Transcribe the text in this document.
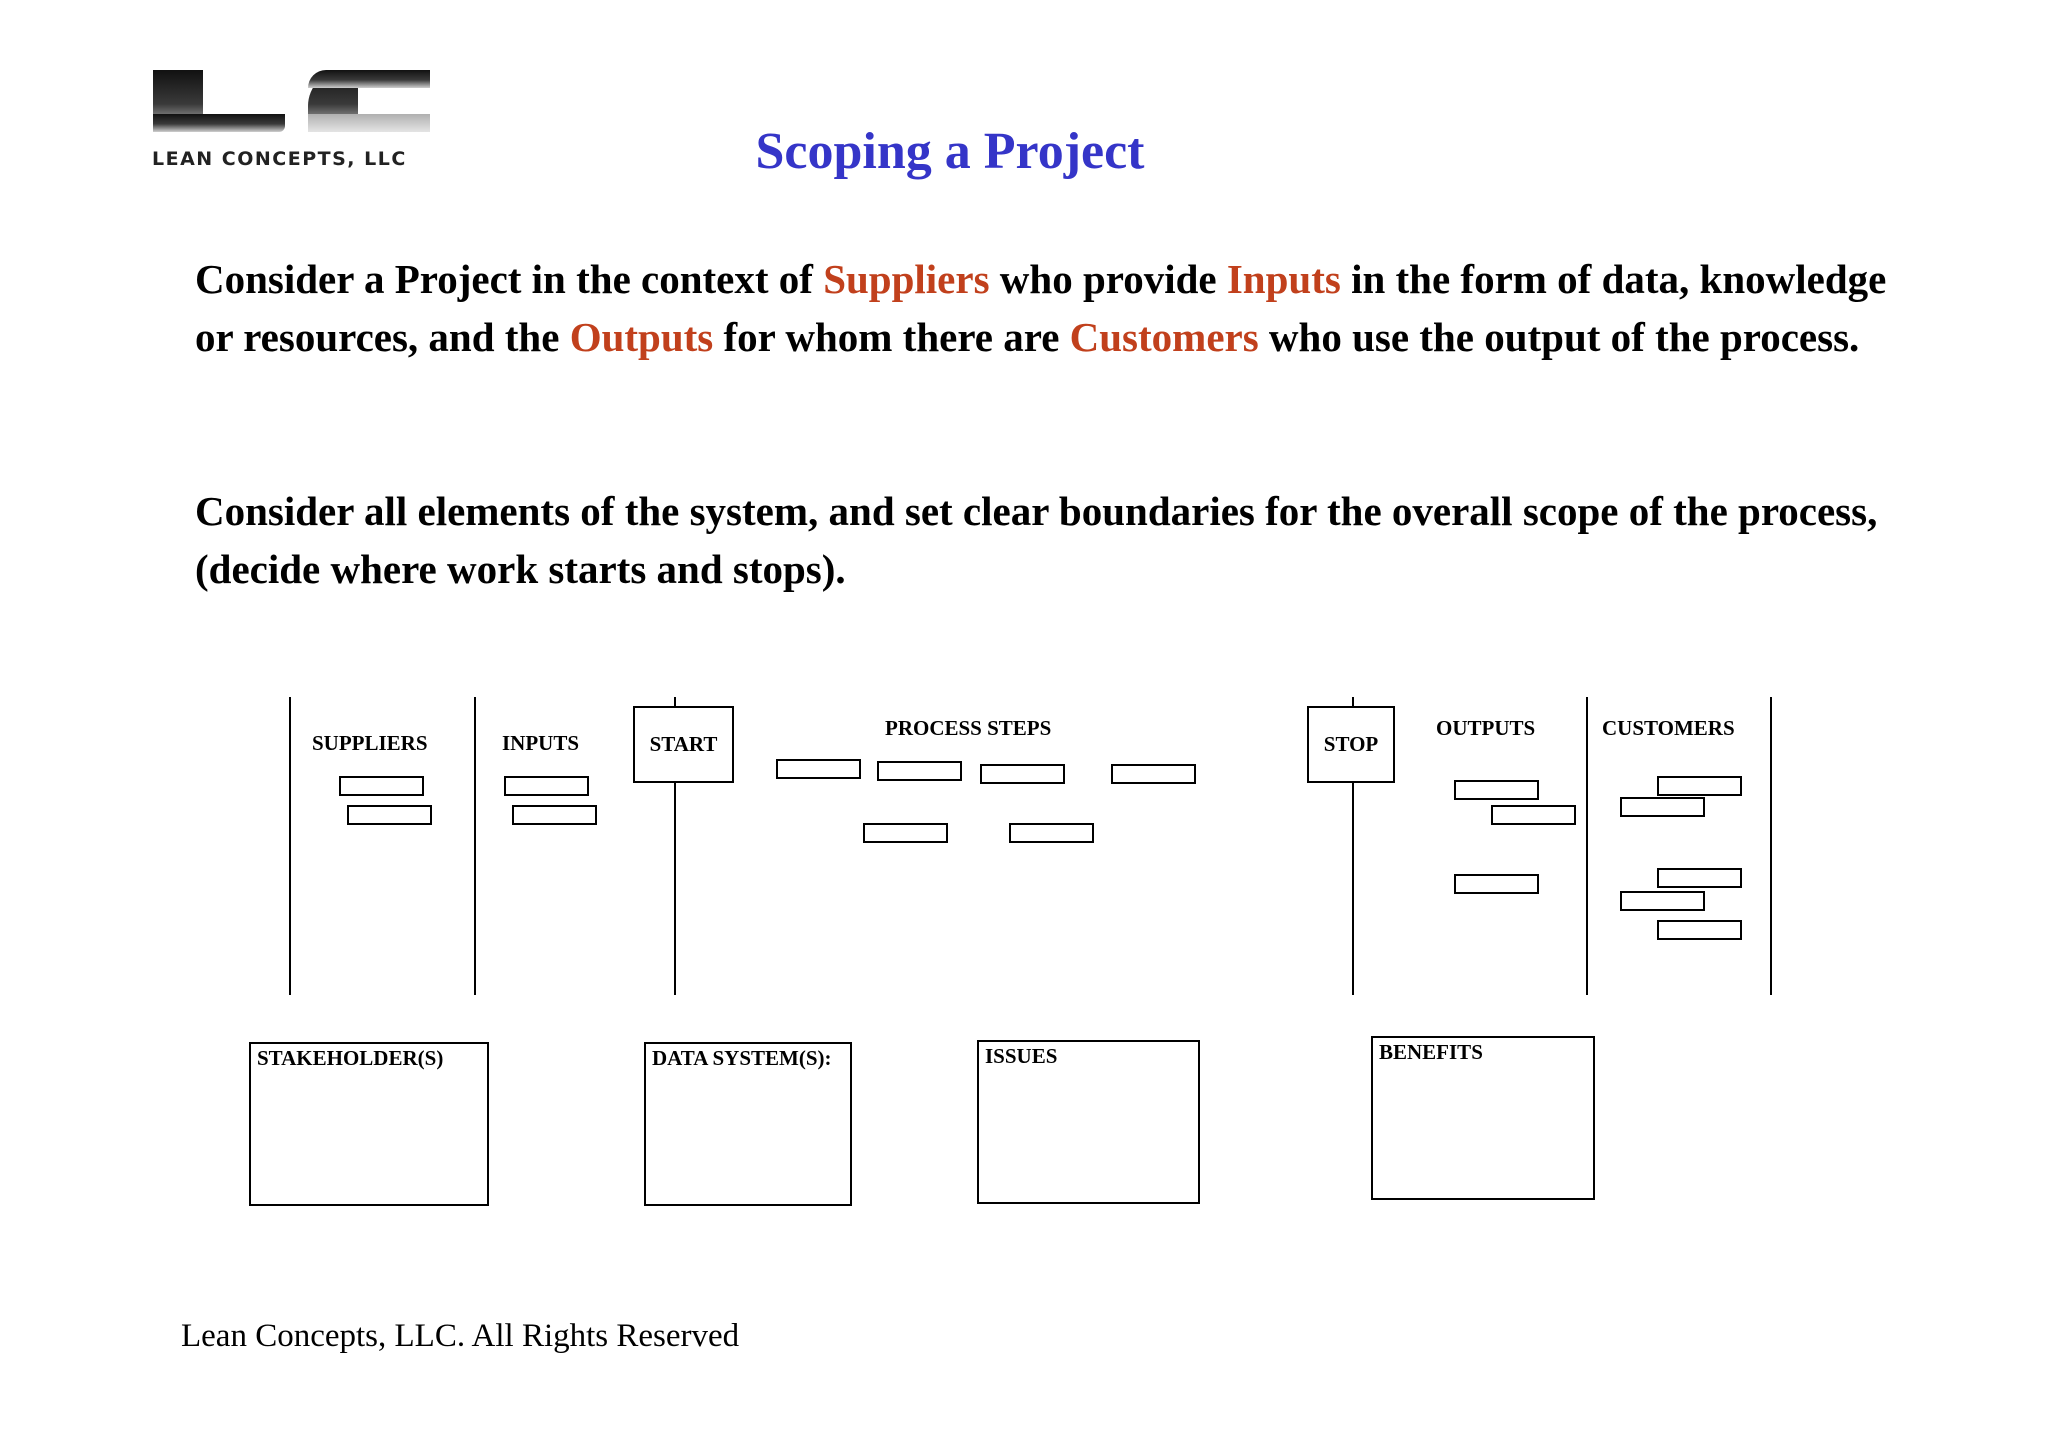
LEAN CONCEPTS, LLC	Scoping a Project
Consider a Project in the context of Suppliers who provide Inputs in the form of data, knowledge or resources, and the Outputs for whom there are Customers who use the output of the process.
Consider all elements of the system, and set clear boundaries for the overall scope of the process, (decide where work starts and stops).
SUPPLIERS	INPUTS
PROCESS STEPS	OUTPUTS	CUSTOMERS
START	STOP
STAKEHOLDER(S)	DATA SYSTEM(S):	ISSUES	BENEFITS
Lean Concepts, LLC. All Rights Reserved
